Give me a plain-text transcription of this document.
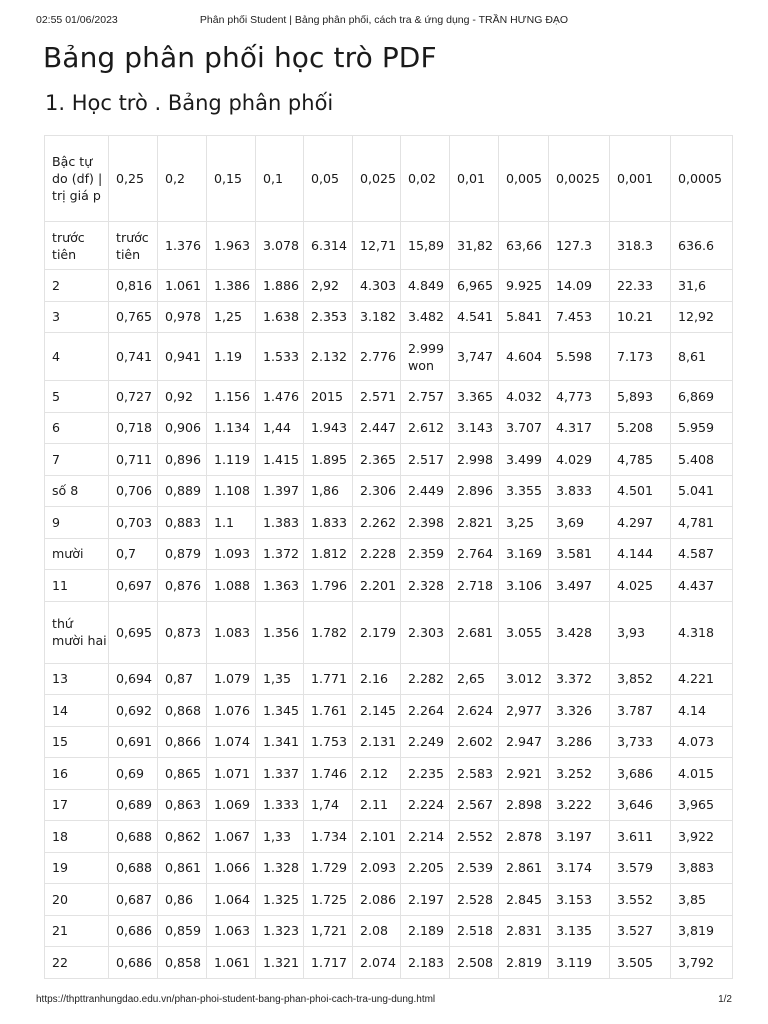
02:55 01/06/2023	Phân phối Student | Bảng phân phối, cách tra & ứng dụng - TRẦN HƯNG ĐẠO
Bảng phân phối học trò PDF
1. Học trò . Bảng phân phối
Bậc tự do (df) | trị giá p	0,25	0,2	0,15	0,1	0,05	0,025	0,02	0,01	0,005	0,0025	0,001	0,0005
trước tiên	trước tiên	1.376	1.963	3.078	6.314	12,71	15,89	31,82	63,66	127.3	318.3	636.6
2	0,816	1.061	1.386	1.886	2,92	4.303	4.849	6,965	9.925	14.09	22.33	31,6
3	0,765	0,978	1,25	1.638	2.353	3.182	3.482	4.541	5.841	7.453	10.21	12,92
4	0,741	0,941	1.19	1.533	2.132	2.776	2.999 won	3,747	4.604	5.598	7.173	8,61
5	0,727	0,92	1.156	1.476	2015	2.571	2.757	3.365	4.032	4,773	5,893	6,869
6	0,718	0,906	1.134	1,44	1.943	2.447	2.612	3.143	3.707	4.317	5.208	5.959
7	0,711	0,896	1.119	1.415	1.895	2.365	2.517	2.998	3.499	4.029	4,785	5.408
số 8	0,706	0,889	1.108	1.397	1,86	2.306	2.449	2.896	3.355	3.833	4.501	5.041
9	0,703	0,883	1.1	1.383	1.833	2.262	2.398	2.821	3,25	3,69	4.297	4,781
mười	0,7	0,879	1.093	1.372	1.812	2.228	2.359	2.764	3.169	3.581	4.144	4.587
11	0,697	0,876	1.088	1.363	1.796	2.201	2.328	2.718	3.106	3.497	4.025	4.437
thứ mười hai	0,695	0,873	1.083	1.356	1.782	2.179	2.303	2.681	3.055	3.428	3,93	4.318
13	0,694	0,87	1.079	1,35	1.771	2.16	2.282	2,65	3.012	3.372	3,852	4.221
14	0,692	0,868	1.076	1.345	1.761	2.145	2.264	2.624	2,977	3.326	3.787	4.14
15	0,691	0,866	1.074	1.341	1.753	2.131	2.249	2.602	2.947	3.286	3,733	4.073
16	0,69	0,865	1.071	1.337	1.746	2.12	2.235	2.583	2.921	3.252	3,686	4.015
17	0,689	0,863	1.069	1.333	1,74	2.11	2.224	2.567	2.898	3.222	3,646	3,965
18	0,688	0,862	1.067	1,33	1.734	2.101	2.214	2.552	2.878	3.197	3.611	3,922
19	0,688	0,861	1.066	1.328	1.729	2.093	2.205	2.539	2.861	3.174	3.579	3,883
20	0,687	0,86	1.064	1.325	1.725	2.086	2.197	2.528	2.845	3.153	3.552	3,85
21	0,686	0,859	1.063	1.323	1,721	2.08	2.189	2.518	2.831	3.135	3.527	3,819
22	0,686	0,858	1.061	1.321	1.717	2.074	2.183	2.508	2.819	3.119	3.505	3,792
https://thpttranhungdao.edu.vn/phan-phoi-student-bang-phan-phoi-cach-tra-ung-dung.html	1/2
